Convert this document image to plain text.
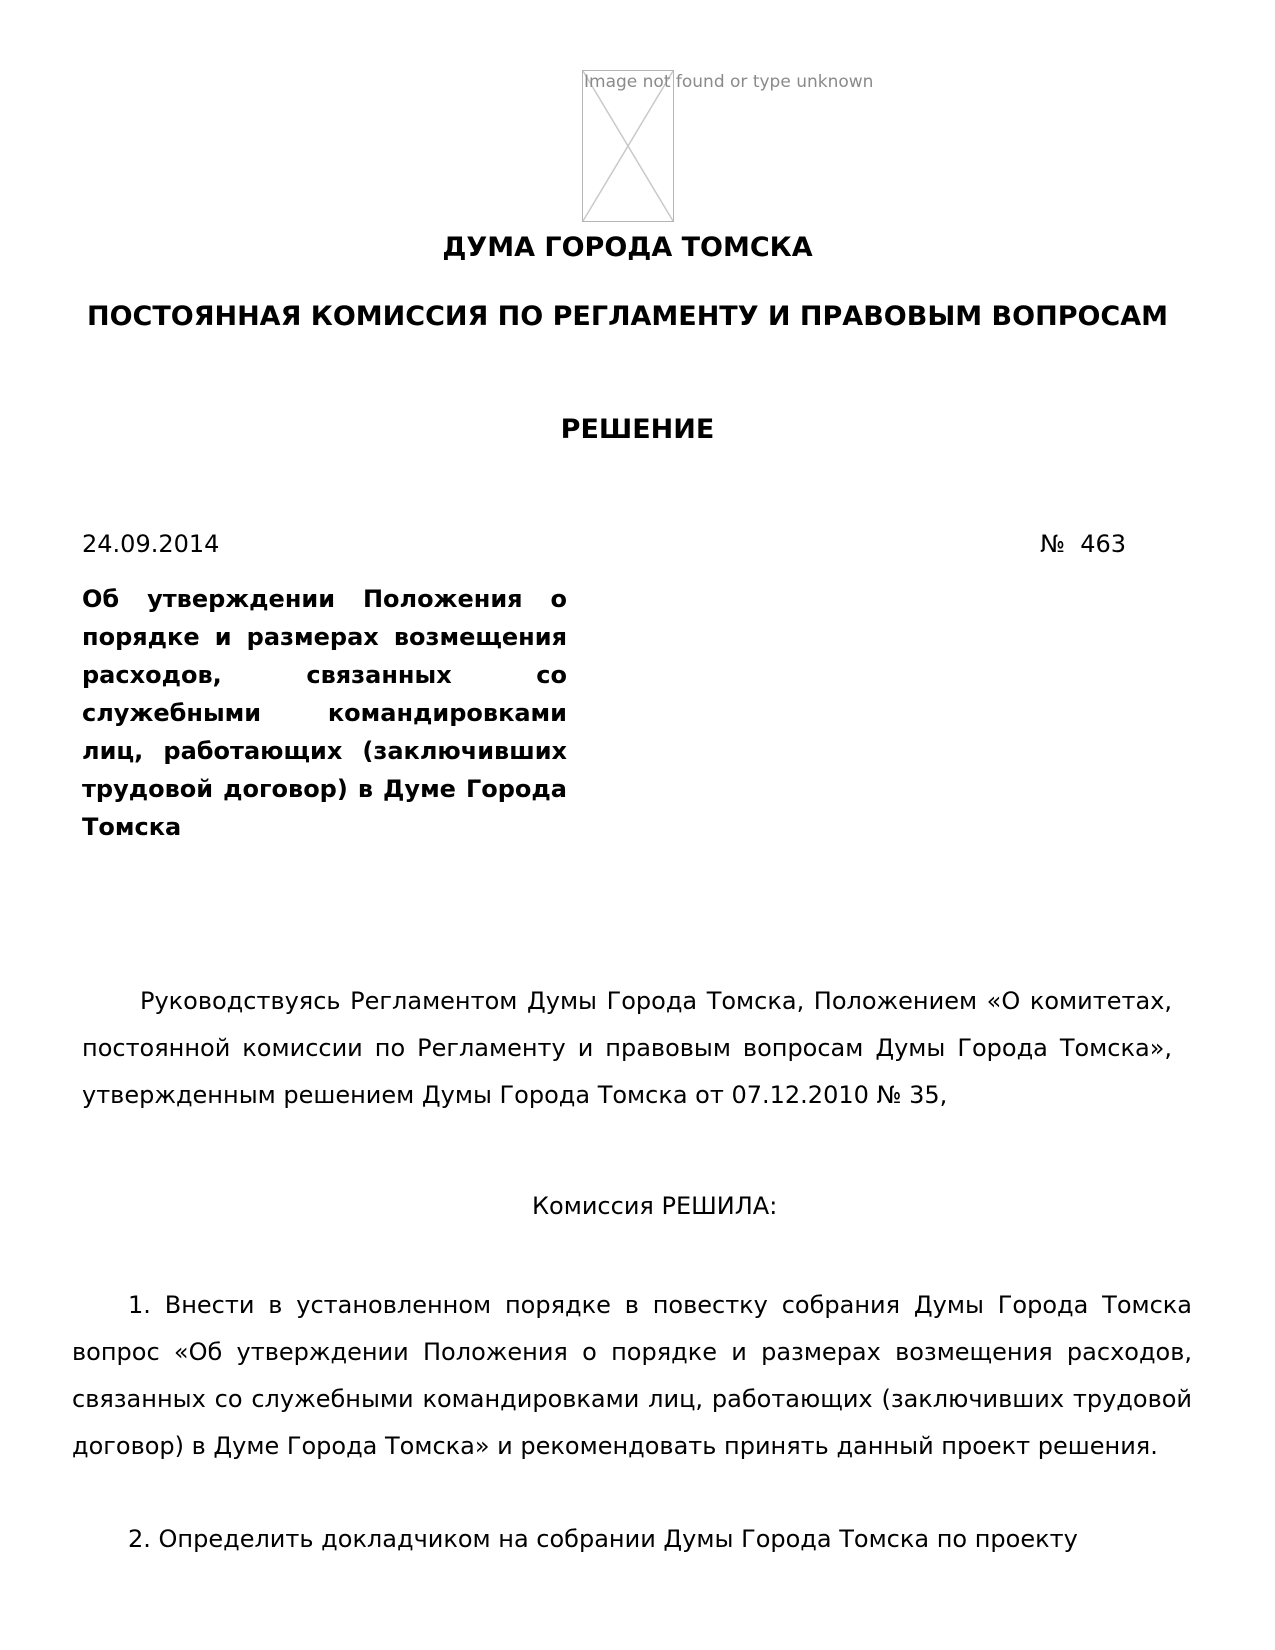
Image not found or type unknown
ДУМА ГОРОДА ТОМСКА
ПОСТОЯННАЯ КОМИССИЯ ПО РЕГЛАМЕНТУ И ПРАВОВЫМ ВОПРОСАМ
РЕШЕНИЕ
24.09.2014	№  463
Об утверждении Положения о порядке и размерах возмещения расходов, связанных со служебными командировками лиц, работающих (заключивших трудовой договор) в Думе Города Томска
Руководствуясь Регламентом Думы Города Томска, Положением «О комитетах, постоянной комиссии по Регламенту и правовым вопросам Думы Города Томска», утвержденным решением Думы Города Томска от 07.12.2010 № 35,
Комиссия РЕШИЛА:
1. Внести в установленном порядке в повестку собрания Думы Города Томска вопрос «Об утверждении Положения о порядке и размерах возмещения расходов, связанных со служебными командировками лиц, работающих (заключивших трудовой договор) в Думе Города Томска» и рекомендовать принять данный проект решения.
2. Определить докладчиком на собрании Думы Города Томска по проекту
